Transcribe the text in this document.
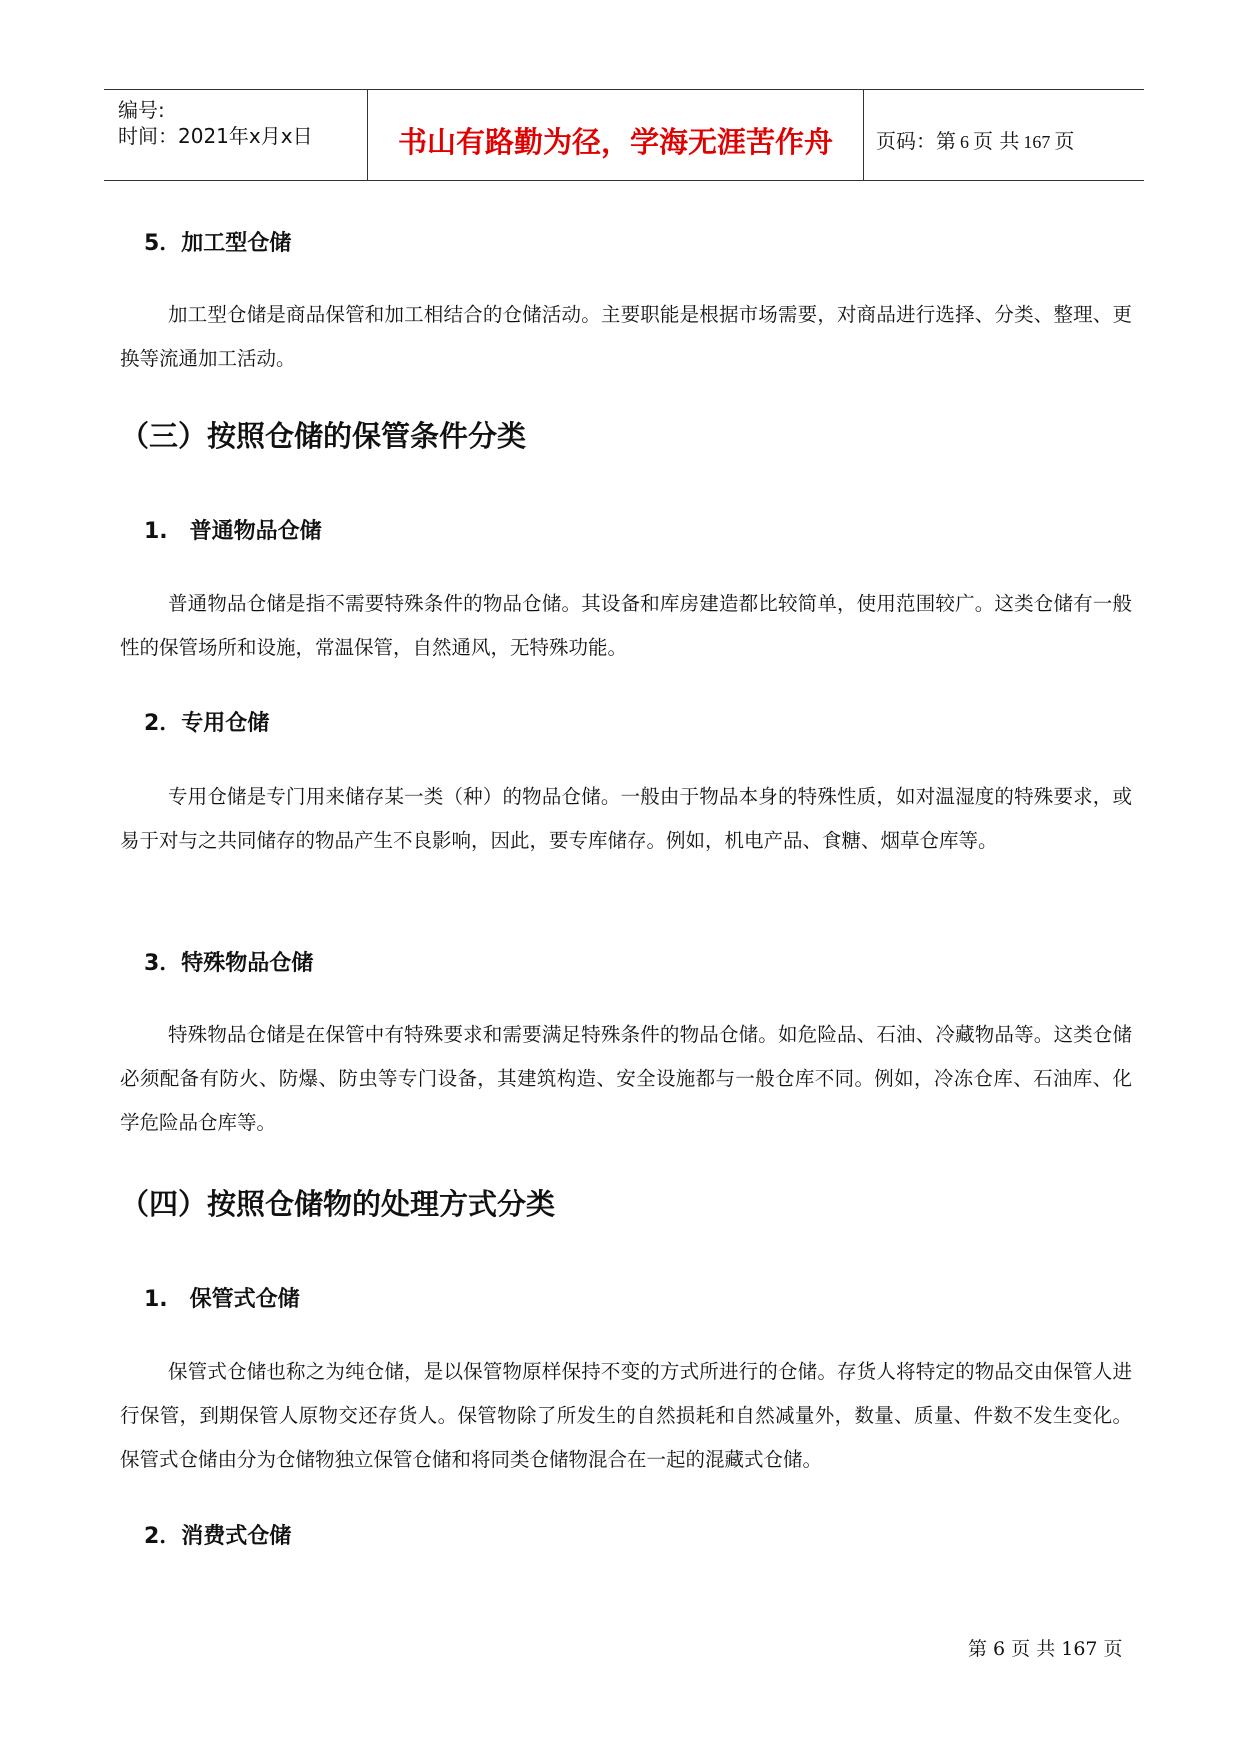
编号:
时间：2021年x月x日	书山有路勤为径，学海无涯苦作舟	页码：第 6 页 共 167 页
5．加工型仓储

加工型仓储是商品保管和加工相结合的仓储活动。主要职能是根据市场需要，对商品进行选择、分类、整理、更换等流通加工活动。

（三）按照仓储的保管条件分类
1.　普通物品仓储

普通物品仓储是指不需要特殊条件的物品仓储。其设备和库房建造都比较简单，使用范围较广。这类仓储有一般性的保管场所和设施，常温保管，自然通风，无特殊功能。

2．专用仓储

专用仓储是专门用来储存某一类（种）的物品仓储。一般由于物品本身的特殊性质，如对温湿度的特殊要求，或易于对与之共同储存的物品产生不良影响，因此，要专库储存。例如，机电产品、食糖、烟草仓库等。

3．特殊物品仓储

特殊物品仓储是在保管中有特殊要求和需要满足特殊条件的物品仓储。如危险品、石油、冷藏物品等。这类仓储必须配备有防火、防爆、防虫等专门设备，其建筑构造、安全设施都与一般仓库不同。例如，冷冻仓库、石油库、化学危险品仓库等。

（四）按照仓储物的处理方式分类
1.　保管式仓储

保管式仓储也称之为纯仓储，是以保管物原样保持不变的方式所进行的仓储。存货人将特定的物品交由保管人进行保管，到期保管人原物交还存货人。保管物除了所发生的自然损耗和自然减量外，数量、质量、件数不发生变化。保管式仓储由分为仓储物独立保管仓储和将同类仓储物混合在一起的混藏式仓储。

2．消费式仓储
第 6 页 共 167 页
